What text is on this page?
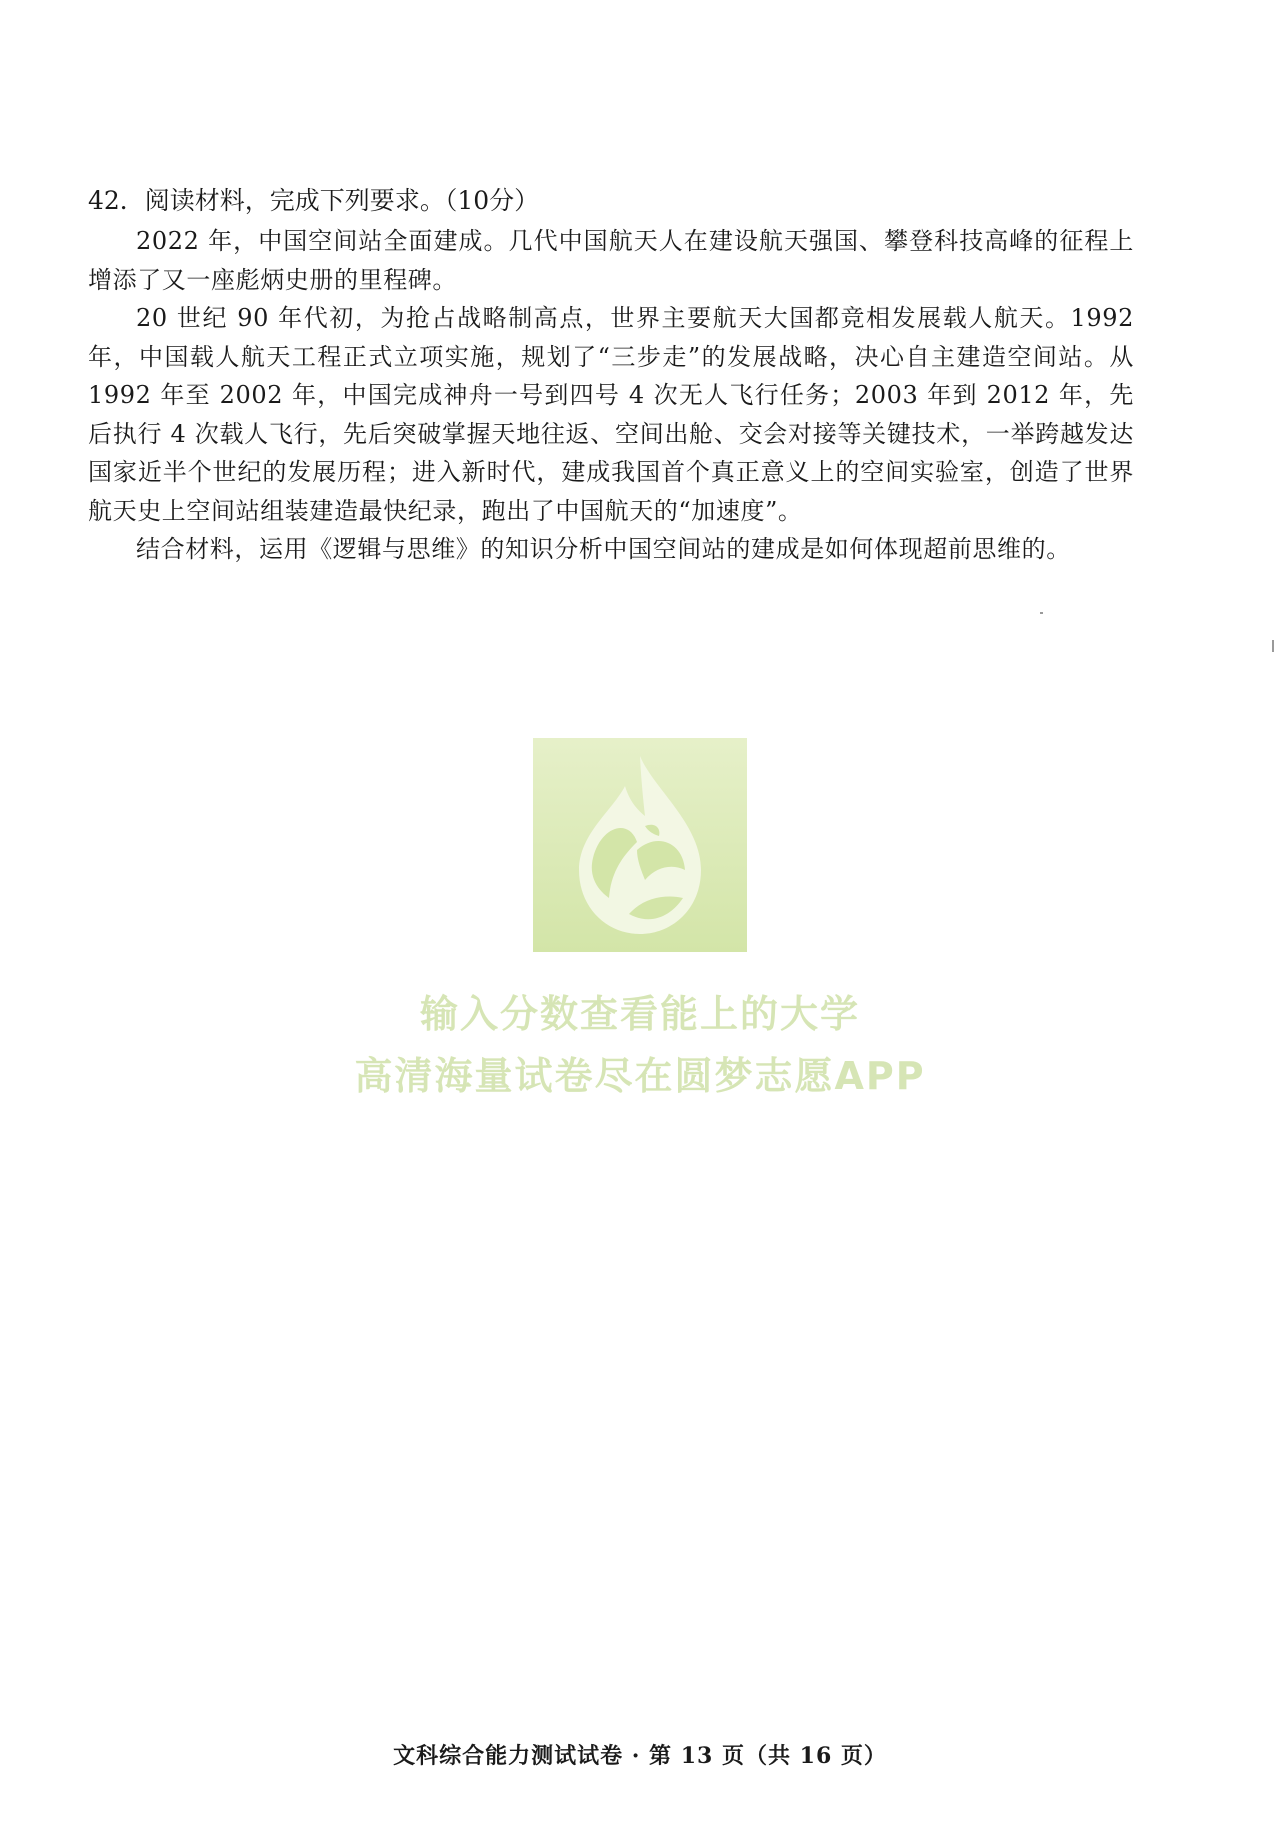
42．阅读材料，完成下列要求。（10分）

2022 年，中国空间站全面建成。几代中国航天人在建设航天强国、攀登科技高峰的征程上增添了又一座彪炳史册的里程碑。

20 世纪 90 年代初，为抢占战略制高点，世界主要航天大国都竞相发展载人航天。1992 年，中国载人航天工程正式立项实施，规划了“三步走”的发展战略，决心自主建造空间站。从 1992 年至 2002 年，中国完成神舟一号到四号 4 次无人飞行任务；2003 年到 2012 年，先后执行 4 次载人飞行，先后突破掌握天地往返、空间出舱、交会对接等关键技术，一举跨越发达国家近半个世纪的发展历程；进入新时代，建成我国首个真正意义上的空间实验室，创造了世界航天史上空间站组装建造最快纪录，跑出了中国航天的“加速度”。

结合材料，运用《逻辑与思维》的知识分析中国空间站的建成是如何体现超前思维的。

输入分数查看能上的大学
高清海量试卷尽在圆梦志愿APP
文科综合能力测试试卷 · 第 13 页（共 16 页）
